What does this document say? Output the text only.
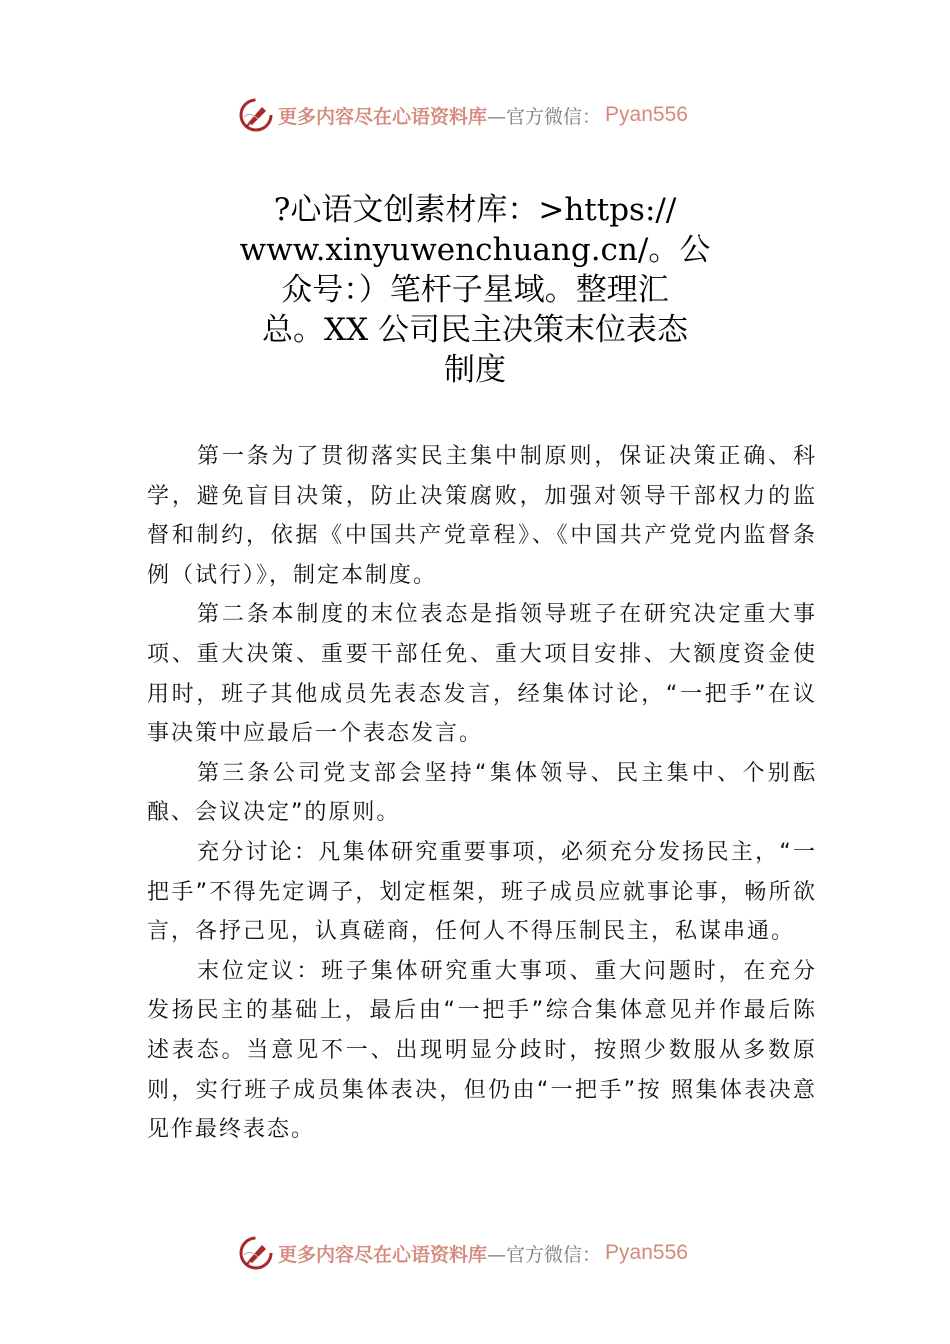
更多内容尽在心语资料库 —官方微信： Pyan556
?心语文创素材库：>https://
www.xinyuwenchuang.cn/。公
众号：）笔杆子星域。整理汇
总。XX 公司民主决策末位表态
制度

第一条为了贯彻落实民主集中制原则，保证决策正确、科学，避免盲目决策，防止决策腐败，加强对领导干部权力的监督和制约，依据《中国共产党章程》、《中国共产党党内监督条例（试行）》，制定本制度。

第二条本制度的末位表态是指领导班子在研究决定重大事项、重大决策、重要干部任免、重大项目安排、大额度资金使用时，班子其他成员先表态发言，经集体讨论，“一把手”在议事决策中应最后一个表态发言。

第三条公司党支部会坚持“集体领导、民主集中、个别酝酿、会议决定”的原则。

充分讨论：凡集体研究重要事项，必须充分发扬民主，“一把手”不得先定调子，划定框架，班子成员应就事论事，畅所欲言，各抒己见，认真磋商，任何人不得压制民主，私谋串通。

末位定议：班子集体研究重大事项、重大问题时，在充分发扬民主的基础上，最后由“一把手”综合集体意见并作最后陈述表态。当意见不一、出现明显分歧时，按照少数服从多数原则，实行班子成员集体表决，但仍由“一把手”按 照集体表决意见作最终表态。

更多内容尽在心语资料库 —官方微信： Pyan556
